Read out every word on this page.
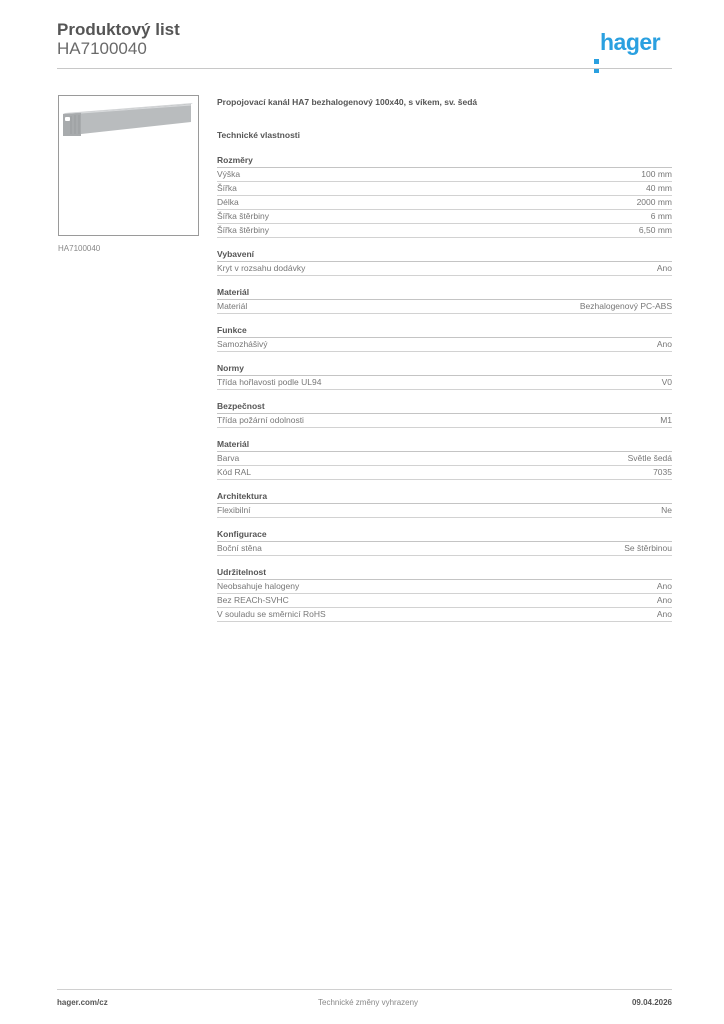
Produktový list
HA7100040	hager
HA7100040
Propojovací kanál HA7 bezhalogenový 100x40, s víkem, sv. šedá
Technické vlastnosti
Rozměry
Výška	100 mm
Šířka	40 mm
Délka	2000 mm
Šířka štěrbiny	6 mm
Šířka štěrbiny	6,50 mm
Vybavení
Kryt v rozsahu dodávky	Ano
Materiál
Materiál	Bezhalogenový PC-ABS
Funkce
Samozhášivý	Ano
Normy
Třída hořlavosti podle UL94	V0
Bezpečnost
Třída požární odolnosti	M1
Materiál
Barva	Světle šedá
Kód RAL	7035
Architektura
Flexibilní	Ne
Konfigurace
Boční stěna	Se štěrbinou
Udržitelnost
Neobsahuje halogeny	Ano
Bez REACh-SVHC	Ano
V souladu se směrnicí RoHS	Ano
hager.com/cz	Technické změny vyhrazeny	09.04.2026
